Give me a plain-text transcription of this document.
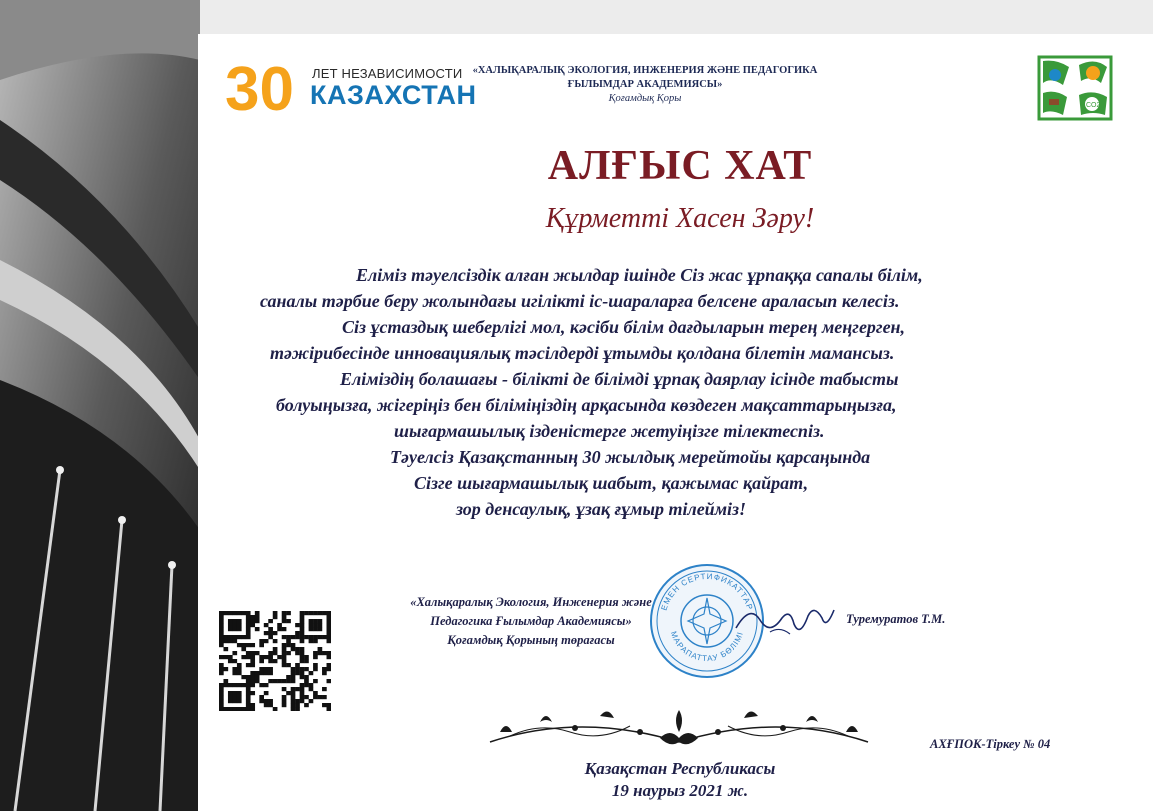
30 ЛЕТ НЕЗАВИСИМОСТИ
КАЗАХСТАН
«ХАЛЫҚАРАЛЫҚ ЭКОЛОГИЯ, ИНЖЕНЕРИЯ ЖӘНЕ ПЕДАГОГИКА ҒЫЛЫМДАР АКАДЕМИЯСЫ»
Қоғамдық Қоры
CO2
АЛҒЫС ХАТ
Құрметті Хасен Зәру!
Еліміз тәуелсіздік алған жылдар ішінде Сіз жас ұрпаққа сапалы білім,
саналы тәрбие беру жолындағы игілікті іс-шараларға белсене араласып келесіз.
Сіз ұстаздық шеберлігі мол, кәсіби білім дағдыларын терең меңгерген,
тәжірибесінде инновациялық тәсілдерді ұтымды қолдана білетін мамансыз.
Еліміздің болашағы - білікті де білімді ұрпақ даярлау ісінде табысты
болуыңызға, жігеріңіз бен біліміңіздің арқасында көздеген мақсаттарыңызға,
шығармашылық ізденістерге жетуіңізге тілектеспіз.
Тәуелсіз Қазақстанның 30 жылдық мерейтойы қарсаңында
Сізге шығармашылық шабыт, қажымас қайрат,
зор денсаулық, ұзақ ғұмыр тілейміз!
«Халықаралық Экология, Инженерия және
Педагогика Ғылымдар Академиясы»
Қоғамдық Қорының төрағасы
ЕМЕН СЕРТИФИКАТТАР
МАРАПАТТАУ БӨЛІМІ
Туремуратов Т.М.
АХҒПОК-Тіркеу № 04
Қазақстан Республикасы
19 наурыз 2021 ж.
